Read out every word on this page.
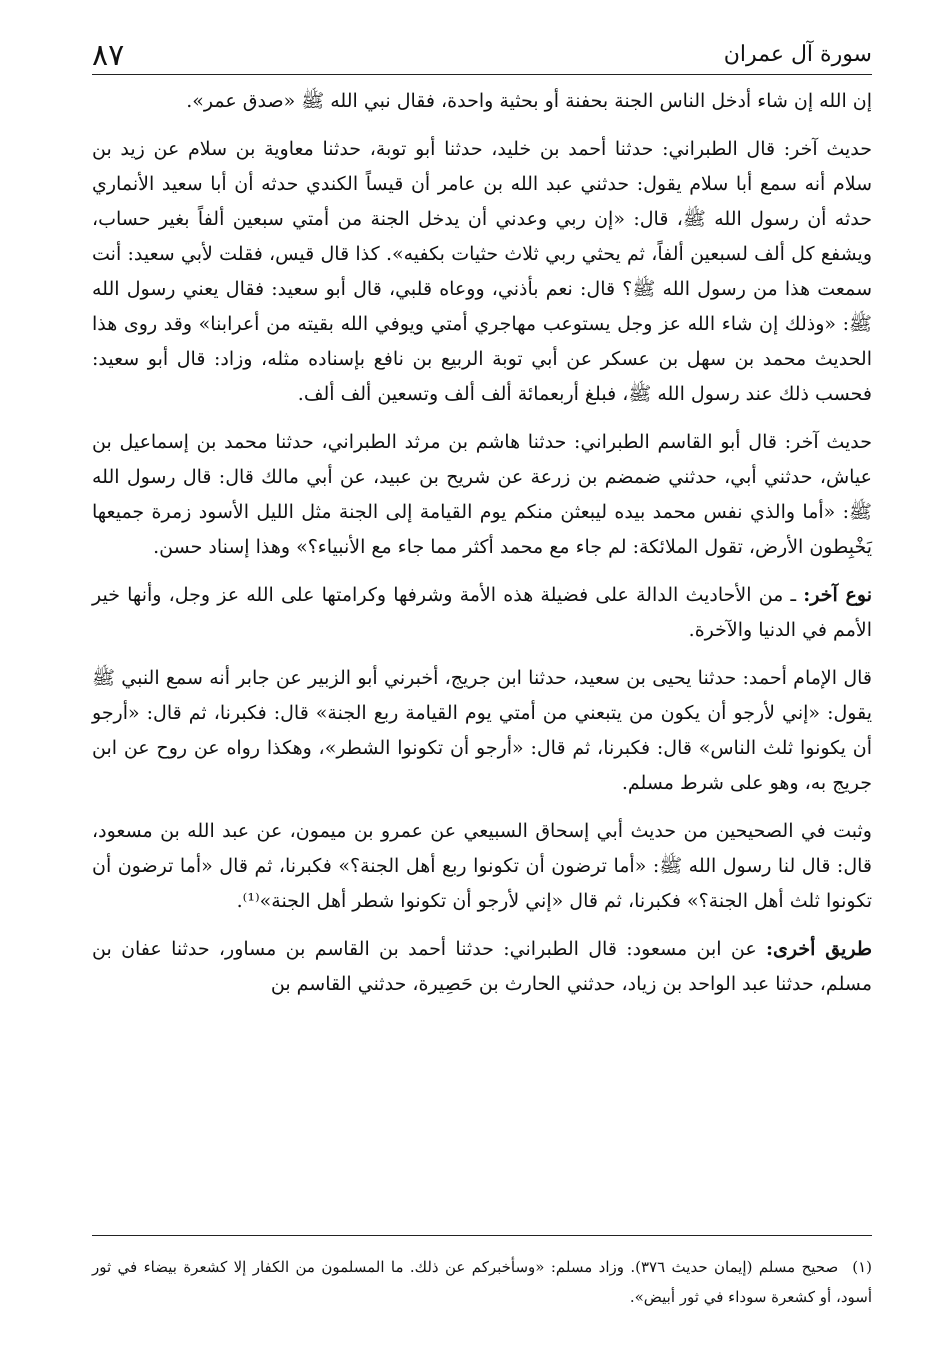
٨٧	سورة آل عمران

إن الله إن شاء أدخل الناس الجنة بحفنة أو بحثية واحدة، فقال نبي الله ﷺ «صدق عمر».

حديث آخر: قال الطبراني: حدثنا أحمد بن خليد، حدثنا أبو توبة، حدثنا معاوية بن سلام عن زيد بن سلام أنه سمع أبا سلام يقول: حدثني عبد الله بن عامر أن قيساً الكندي حدثه أن أبا سعيد الأنماري حدثه أن رسول الله ﷺ، قال: «إن ربي وعدني أن يدخل الجنة من أمتي سبعين ألفاً بغير حساب، ويشفع كل ألف لسبعين ألفاً، ثم يحثي ربي ثلاث حثيات بكفيه». كذا قال قيس، فقلت لأبي سعيد: أنت سمعت هذا من رسول الله ﷺ؟ قال: نعم بأذني، ووعاه قلبي، قال أبو سعيد: فقال يعني رسول الله ﷺ: «وذلك إن شاء الله عز وجل يستوعب مهاجري أمتي ويوفي الله بقيته من أعرابنا» وقد روى هذا الحديث محمد بن سهل بن عسكر عن أبي توبة الربيع بن نافع بإسناده مثله، وزاد: قال أبو سعيد: فحسب ذلك عند رسول الله ﷺ، فبلغ أربعمائة ألف ألف وتسعين ألف ألف.

حديث آخر: قال أبو القاسم الطبراني: حدثنا هاشم بن مرثد الطبراني، حدثنا محمد بن إسماعيل بن عياش، حدثني أبي، حدثني ضمضم بن زرعة عن شريح بن عبيد، عن أبي مالك قال: قال رسول الله ﷺ: «أما والذي نفس محمد بيده ليبعثن منكم يوم القيامة إلى الجنة مثل الليل الأسود زمرة جميعها يَخْبِطون الأرض، تقول الملائكة: لم جاء مع محمد أكثر مما جاء مع الأنبياء؟» وهذا إسناد حسن.

نوع آخر: ـ من الأحاديث الدالة على فضيلة هذه الأمة وشرفها وكرامتها على الله عز وجل، وأنها خير الأمم في الدنيا والآخرة.

قال الإمام أحمد: حدثنا يحيى بن سعيد، حدثنا ابن جريج، أخبرني أبو الزبير عن جابر أنه سمع النبي ﷺ يقول: «إني لأرجو أن يكون من يتبعني من أمتي يوم القيامة ربع الجنة» قال: فكبرنا، ثم قال: «أرجو أن يكونوا ثلث الناس» قال: فكبرنا، ثم قال: «أرجو أن تكونوا الشطر»، وهكذا رواه عن روح عن ابن جريج به، وهو على شرط مسلم.

وثبت في الصحيحين من حديث أبي إسحاق السبيعي عن عمرو بن ميمون، عن عبد الله بن مسعود، قال: قال لنا رسول الله ﷺ: «أما ترضون أن تكونوا ربع أهل الجنة؟» فكبرنا، ثم قال «أما ترضون أن تكونوا ثلث أهل الجنة؟» فكبرنا، ثم قال «إني لأرجو أن تكونوا شطر أهل الجنة»⁽¹⁾.

طريق أخرى: عن ابن مسعود: قال الطبراني: حدثنا أحمد بن القاسم بن مساور، حدثنا عفان بن مسلم، حدثنا عبد الواحد بن زياد، حدثني الحارث بن حَصِيرة، حدثني القاسم بن

(١)صحيح مسلم (إيمان حديث ٣٧٦). وزاد مسلم: «وسأخبركم عن ذلك. ما المسلمون من الكفار إلا كشعرة بيضاء في ثور أسود، أو كشعرة سوداء في ثور أبيض».
